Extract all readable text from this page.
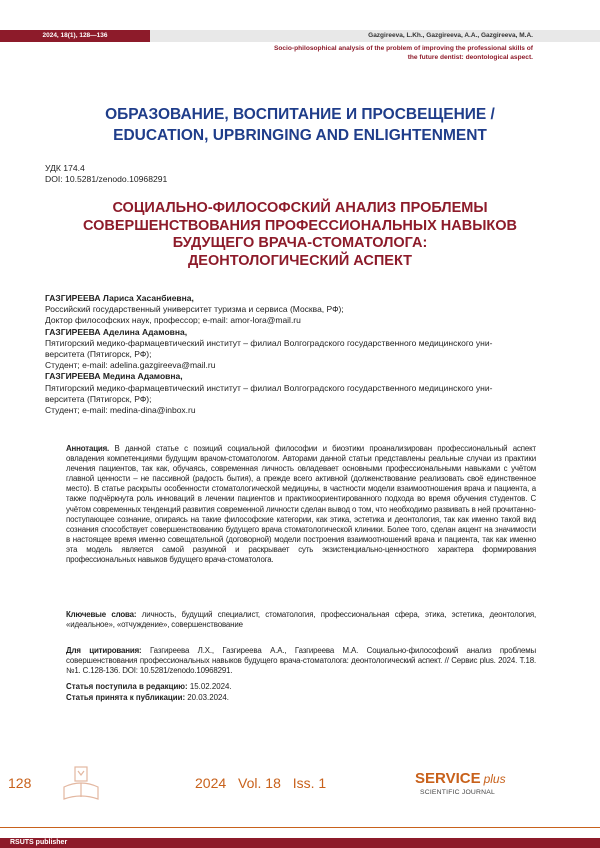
2024, 18(1), 128—136	Gazgireeva, L.Kh., Gazgireeva, A.A., Gazgireeva, M.A.
Socio-philosophical analysis of the problem of improving the professional skills of the future dentist: deontological aspect.
ОБРАЗОВАНИЕ, ВОСПИТАНИЕ И ПРОСВЕЩЕНИЕ /
EDUCATION, UPBRINGING AND ENLIGHTENMENT
УДК 174.4
DOI: 10.5281/zenodo.10968291
СОЦИАЛЬНО-ФИЛОСОФСКИЙ АНАЛИЗ ПРОБЛЕМЫ
СОВЕРШЕНСТВОВАНИЯ ПРОФЕССИОНАЛЬНЫХ НАВЫКОВ
БУДУЩЕГО ВРАЧА-СТОМАТОЛОГА:
ДЕОНТОЛОГИЧЕСКИЙ АСПЕКТ
ГАЗГИРЕЕВА Лариса Хасанбиевна,
Российский государственный университет туризма и сервиса (Москва, РФ);
Доктор философских наук, профессор; e-mail: amor-lora@mail.ru
ГАЗГИРЕЕВА Аделина Адамовна,
Пятигорский медико-фармацевтический институт – филиал Волгоградского государственного медицинского уни-
верситета (Пятигорск, РФ);
Студент; e-mail: adelina.gazgireeva@mail.ru
ГАЗГИРЕЕВА Медина Адамовна,
Пятигорский медико-фармацевтический институт – филиал Волгоградского государственного медицинского уни-
верситета (Пятигорск, РФ);
Студент; e-mail: medina-dina@inbox.ru
Аннотация. В данной статье с позиций социальной философии и биоэтики проанализирован профессиональный аспект овладения компетенциями будущим врачом-стоматологом. Авторами данной статьи представлены реальные случаи из практики лечения пациентов, так как, обучаясь, современная личность овладевает основными профессиональными навыками с учётом главной ценности – не пассивной (радость бытия), а прежде всего активной (долженствование реализовать своё единственное место). В статье раскрыты особенности стоматологической медицины, в частности модели взаимоотношения врача и пациента, а также подчёркнута роль инноваций в лечении пациентов и практикоориентированного подхода во время обучения студентов. С учётом современных тенденций развития современной личности сделан вывод о том, что необходимо развивать в ней прочитанно-поступающее сознание, опираясь на такие философские категории, как этика, эстетика и деонтология, так как именно такой вид сознания способствует совершенствованию будущего врача стоматологической клиники. Более того, сделан акцент на значимости в настоящее время именно совещательной (договорной) модели построения взаимоотношений врача и пациента, так как именно эта модель является самой разумной и раскрывает суть экзистенциально-ценностного характера формирования профессиональных навыков будущего врача-стоматолога.
Ключевые слова: личность, будущий специалист, стоматология, профессиональная сфера, этика, эстетика, деонтология, «идеальное», «отчуждение», совершенствование
Для цитирования: Газгиреева Л.Х., Газгиреева А.А., Газгиреева М.А. Социально-философский анализ проблемы совершенствования профессиональных навыков будущего врача-стоматолога: деонтологический аспект. // Сервис plus. 2024. Т.18. №1. С.128-136. DOI: 10.5281/zenodo.10968291.
Статья поступила в редакцию: 15.02.2024.
Статья принята к публикации: 20.03.2024.
128	2024 Vol. 18 Iss. 1	SERVICE plus
SCIENTIFIC JOURNAL
RSUTS publisher
